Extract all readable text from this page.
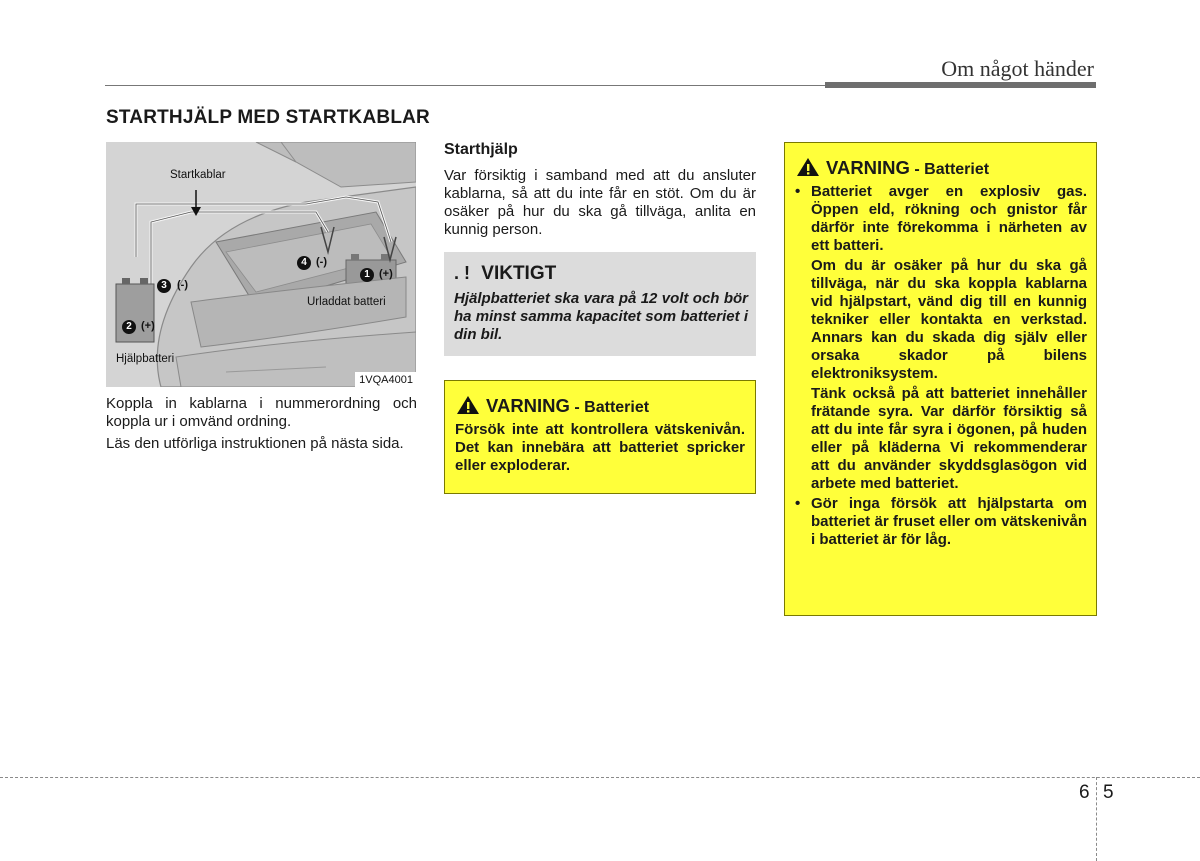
Om något händer
STARTHJÄLP MED STARTKABLAR
Startkablar
Urladdat batteri
Hjälpbatteri
1 (+)
2 (+)
3 (-)
4 (-)
1VQA4001

Koppla in kablarna i nummerordning och koppla ur i omvänd ordning.

Läs den utförliga instruktionen på nästa sida.

Starthjälp

Var försiktig i samband med att du ansluter kablarna, så att du inte får en stöt. Om du är osäker på hur du ska gå tillväga, anlita en kunnig person.

. ! VIKTIGT
Hjälpbatteriet ska vara på 12 volt och bör ha minst samma kapacitet som batteriet i din bil.
VARNING - Batteriet
Försök inte att kontrollera vätskenivån. Det kan innebära att batteriet spricker eller exploderar.
VARNING - Batteriet

• Batteriet avger en explosiv gas. Öppen eld, rökning och gnistor får därför inte förekomma i närheten av ett batteri.

Om du är osäker på hur du ska gå tillväga, när du ska koppla kablarna vid hjälpstart, vänd dig till en kunnig tekniker eller kontakta en verkstad. Annars kan du skada dig själv eller orsaka skador på bilens elektroniksystem.

Tänk också på att batteriet innehåller frätande syra. Var därför försiktig så att du inte får syra i ögonen, på huden eller på kläderna Vi rekommenderar att du använder skyddsglasögon vid arbete med batteriet.

• Gör inga försök att hjälpstarta om batteriet är fruset eller om vätskenivån i batteriet är för låg.

6 5
